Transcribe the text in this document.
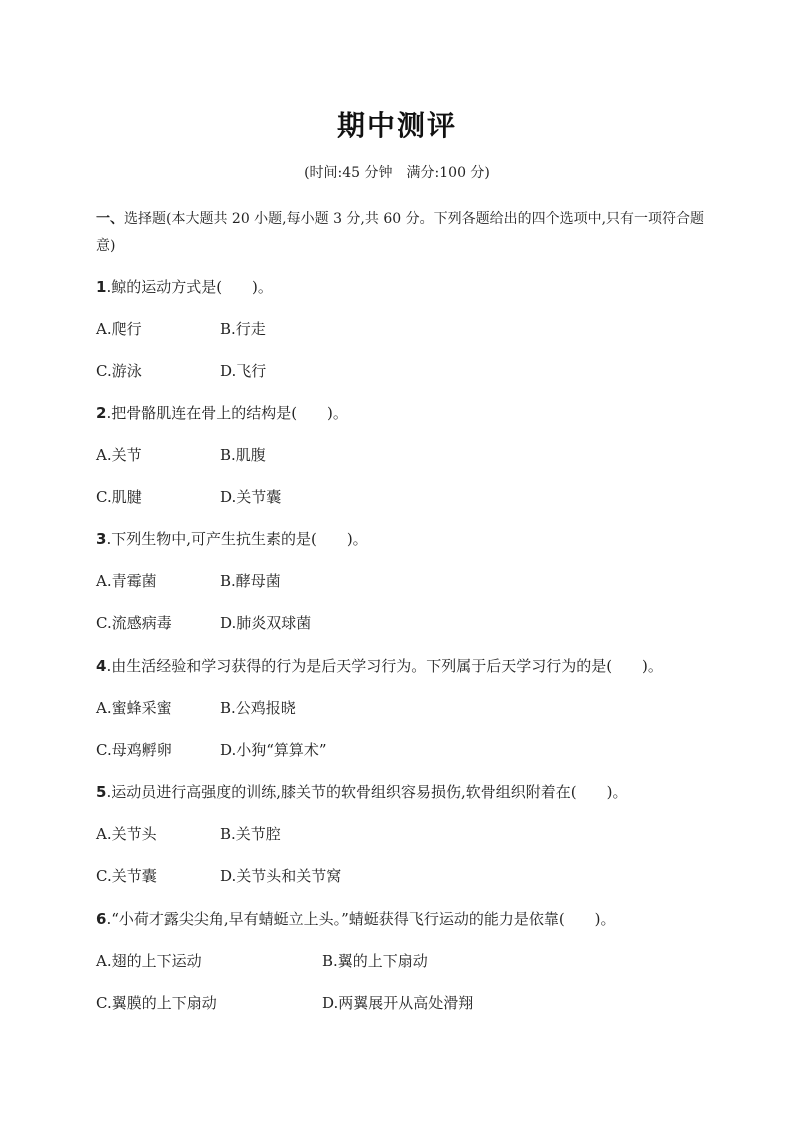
期中测评
(时间:45 分钟　满分:100 分)
一、选择题(本大题共 20 小题,每小题 3 分,共 60 分。下列各题给出的四个选项中,只有一项符合题意)
1.鲸的运动方式是(　　)。
A.爬行	B.行走
C.游泳	D.飞行
2.把骨骼肌连在骨上的结构是(　　)。
A.关节	B.肌腹
C.肌腱	D.关节囊
3.下列生物中,可产生抗生素的是(　　)。
A.青霉菌	B.酵母菌
C.流感病毒	D.肺炎双球菌
4.由生活经验和学习获得的行为是后天学习行为。下列属于后天学习行为的是(　　)。
A.蜜蜂采蜜	B.公鸡报晓
C.母鸡孵卵	D.小狗“算算术”
5.运动员进行高强度的训练,膝关节的软骨组织容易损伤,软骨组织附着在(　　)。
A.关节头	B.关节腔
C.关节囊	D.关节头和关节窝
6.“小荷才露尖尖角,早有蜻蜓立上头。”蜻蜓获得飞行运动的能力是依靠(　　)。
A.翅的上下运动	B.翼的上下扇动
C.翼膜的上下扇动	D.两翼展开从高处滑翔
